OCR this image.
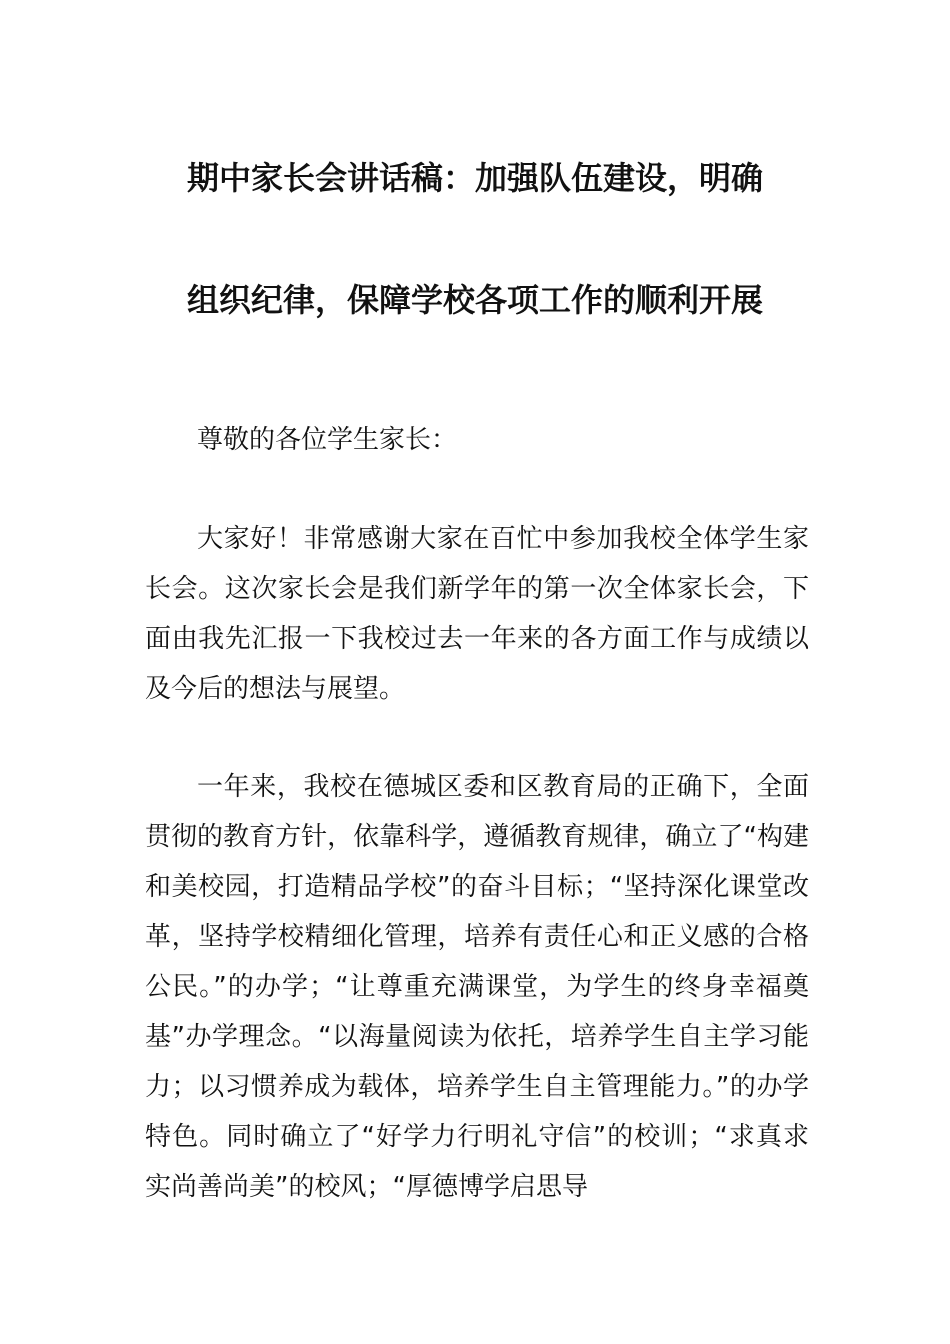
期中家长会讲话稿：加强队伍建设，明确
组织纪律，保障学校各项工作的顺利开展

尊敬的各位学生家长：

大家好！非常感谢大家在百忙中参加我校全体学生家长会。这次家长会是我们新学年的第一次全体家长会，下面由我先汇报一下我校过去一年来的各方面工作与成绩以及今后的想法与展望。

一年来，我校在德城区委和区教育局的正确下，全面贯彻的教育方针，依靠科学，遵循教育规律，确立了“构建和美校园，打造精品学校”的奋斗目标；“坚持深化课堂改革，坚持学校精细化管理，培养有责任心和正义感的合格公民。”的办学；“让尊重充满课堂，为学生的终身幸福奠基”办学理念。“以海量阅读为依托，培养学生自主学习能力；以习惯养成为载体，培养学生自主管理能力。”的办学特色。同时确立了“好学力行明礼守信”的校训；“求真求实尚善尚美”的校风；“厚德博学启思导
